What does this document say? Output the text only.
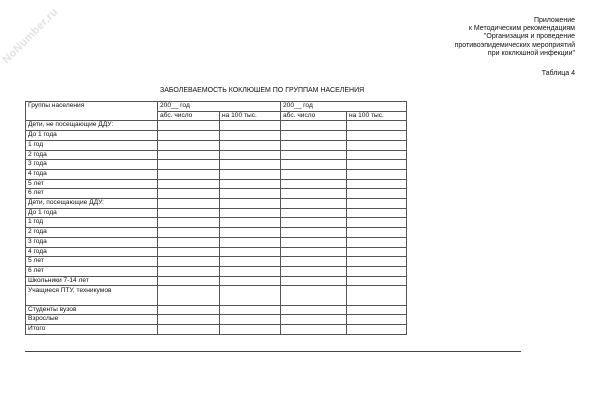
NoNumber.ru	Приложение
к Методическим рекомендациям
"Организация и проведение
противоэпидемических мероприятий
при коклюшной инфекции"
Таблица 4
ЗАБОЛЕВАЕМОСТЬ КОКЛЮШЕМ ПО ГРУППАМ НАСЕЛЕНИЯ
Группы населения	200__ год		200__ год	
	абс. число	на 100 тыс.	абс. число	на 100 тыс.
Дети, не посещающие ДДУ:				
До 1 года				
1 год				
2 года				
3 года				
4 года				
5 лет				
6 лет				
Дети, посещающие ДДУ:				
До 1 года				
1 год				
2 года				
3 года				
4 года				
5 лет				
6 лет				
Школьники 7-14 лет				
Учащиеся ПТУ, техникумов				
Студенты вузов				
Взрослые				
Итого				
